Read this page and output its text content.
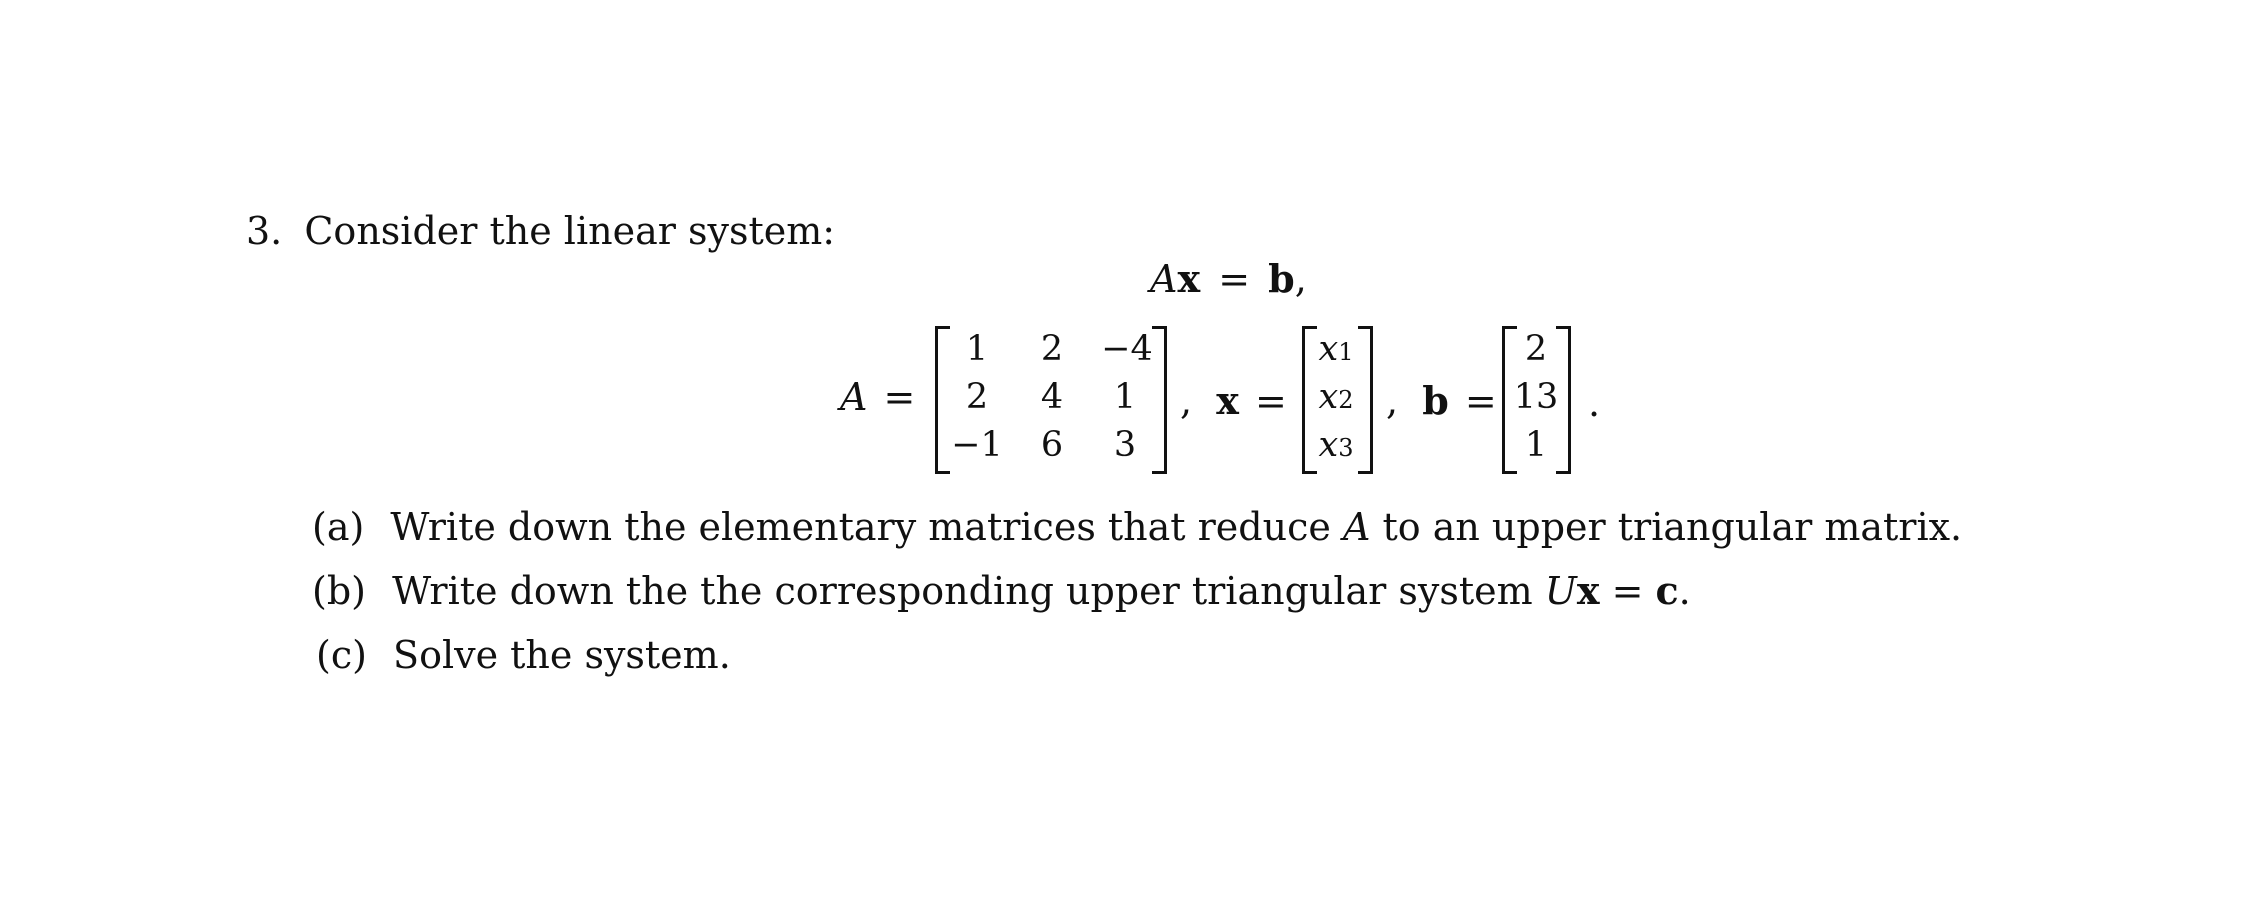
3. Consider the linear system:
Ax = b,
A =
1	2	−4
2	4	1
−1	6	3
, x =
x1
x2
x3
, b =
2
13
1
.
(a) Write down the elementary matrices that reduce A to an upper triangular matrix.
(b) Write down the the corresponding upper triangular system Ux = c.
(c) Solve the system.
